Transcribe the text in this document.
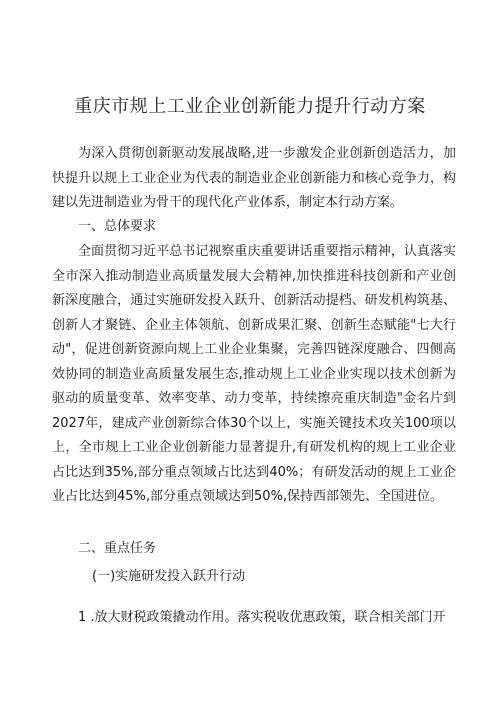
重庆市规上工业企业创新能力提升行动方案

为深入贯彻创新驱动发展战略,进一步激发企业创新创造活力，加快提升以规上工业企业为代表的制造业企业创新能力和核心竞争力，构建以先进制造业为骨干的现代化产业体系，制定本行动方案。

一、总体要求

全面贯彻习近平总书记视察重庆重要讲话重要指示精神，认真落实全市深入推动制造业高质量发展大会精神,加快推进科技创新和产业创新深度融合，通过实施研发投入跃升、创新活动提档、研发机构筑基、创新人才聚链、企业主体领航、创新成果汇聚、创新生态赋能"七大行动"，促进创新资源向规上工业企业集聚，完善四链深度融合、四侧高效协同的制造业高质量发展生态,推动规上工业企业实现以技术创新为驱动的质量变革、效率变革、动力变革，持续擦亮重庆制造"金名片到2027年，建成产业创新综合体30个以上，实施关键技术攻关100项以上，全市规上工业企业创新能力显著提升,有研发机构的规上工业企业占比达到35%,部分重点领域占比达到40%；有研发活动的规上工业企业占比达到45%,部分重点领域达到50%,保持西部领先、全国进位。

二、重点任务

(一)实施研发投入跃升行动

1 .放大财税政策撬动作用。落实税收优惠政策，联合相关部门开
